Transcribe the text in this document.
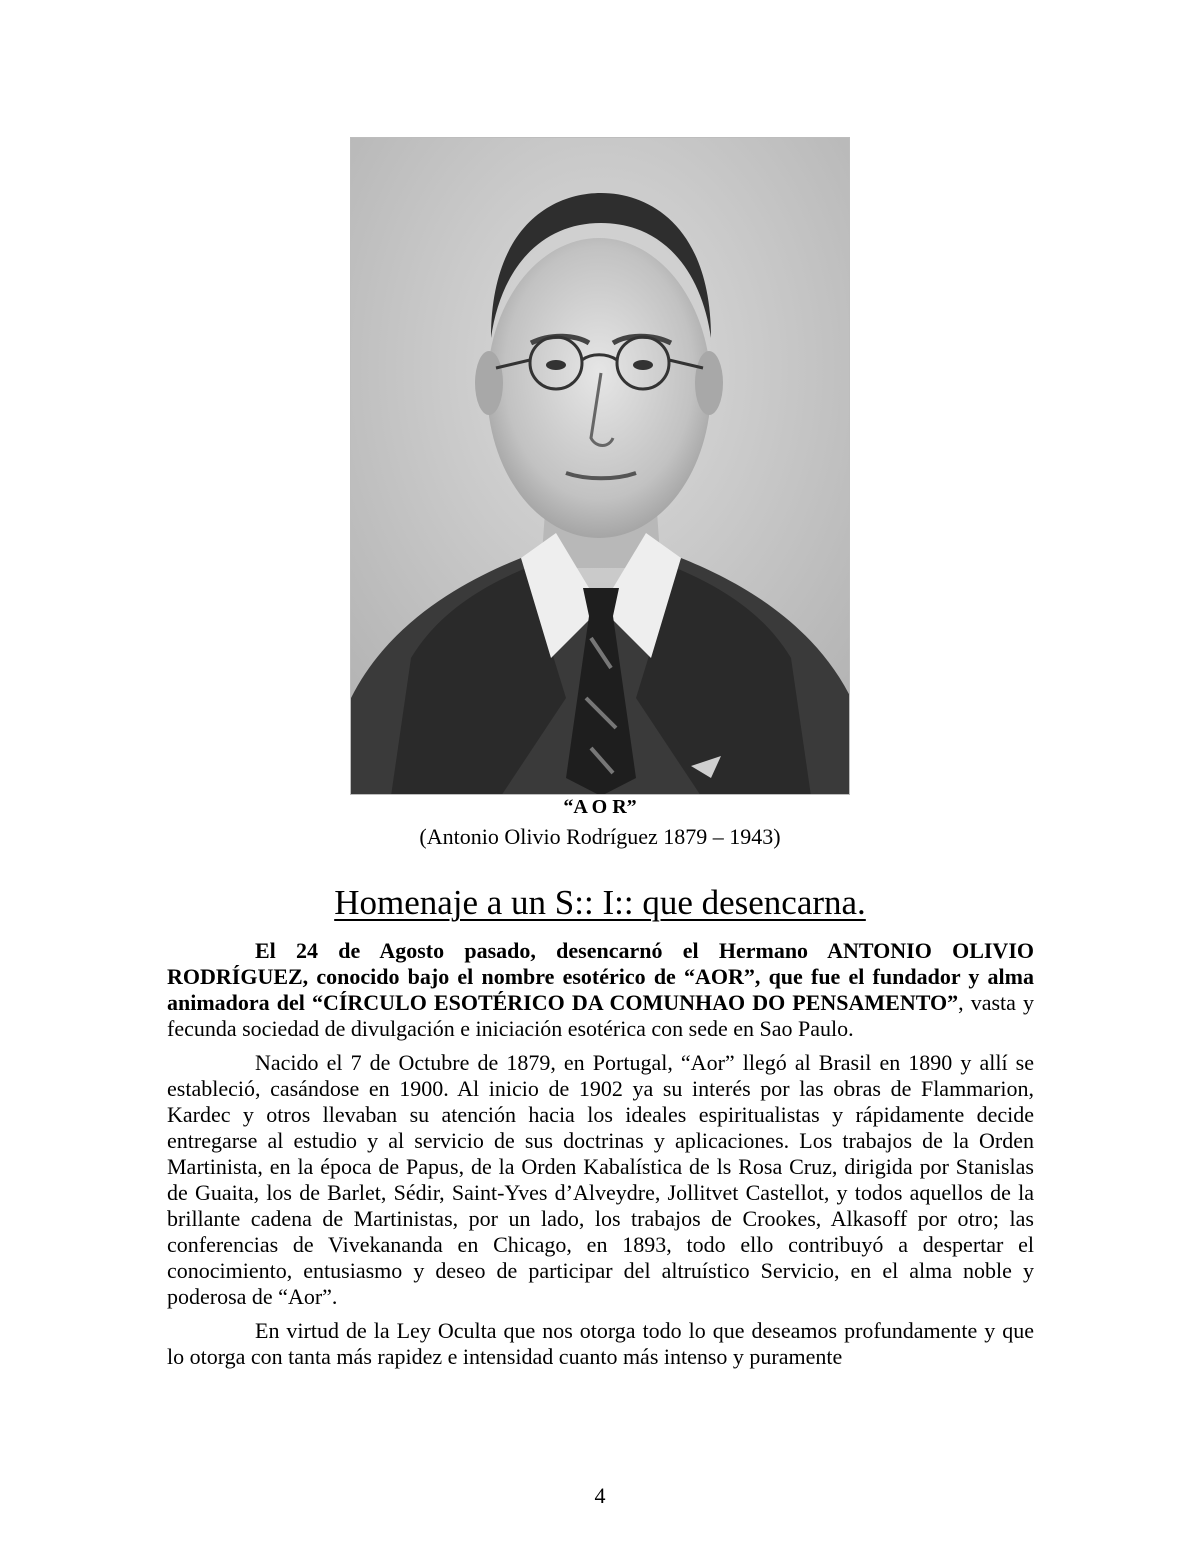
“A O R”
(Antonio Olivio Rodríguez 1879 – 1943)
Homenaje a un S:: I:: que desencarna.

El 24 de Agosto pasado, desencarnó el Hermano ANTONIO OLIVIO RODRÍGUEZ, conocido bajo el nombre esotérico de “AOR”, que fue el fundador y alma animadora del “CÍRCULO ESOTÉRICO DA COMUNHAO DO PENSAMENTO”, vasta y fecunda sociedad de divulgación e iniciación esotérica con sede en Sao Paulo.

Nacido el 7 de Octubre de 1879, en Portugal, “Aor” llegó al Brasil en 1890 y allí se estableció, casándose en 1900. Al inicio de 1902 ya su interés por las obras de Flammarion, Kardec y otros llevaban su atención hacia los ideales espiritualistas y rápidamente decide entregarse al estudio y al servicio de sus doctrinas y aplicaciones. Los trabajos de la Orden Martinista, en la época de Papus, de la Orden Kabalística de ls Rosa Cruz, dirigida por Stanislas de Guaita, los de Barlet, Sédir, Saint-Yves d’Alveydre, Jollitvet Castellot, y todos aquellos de la brillante cadena de Martinistas, por un lado, los trabajos de Crookes, Alkasoff por otro; las conferencias de Vivekananda en Chicago, en 1893, todo ello contribuyó a despertar el conocimiento, entusiasmo y deseo de participar del altruístico Servicio, en el alma noble y poderosa de “Aor”.

En virtud de la Ley Oculta que nos otorga todo lo que deseamos profundamente y que lo otorga con tanta más rapidez e intensidad cuanto más intenso y puramente

4
